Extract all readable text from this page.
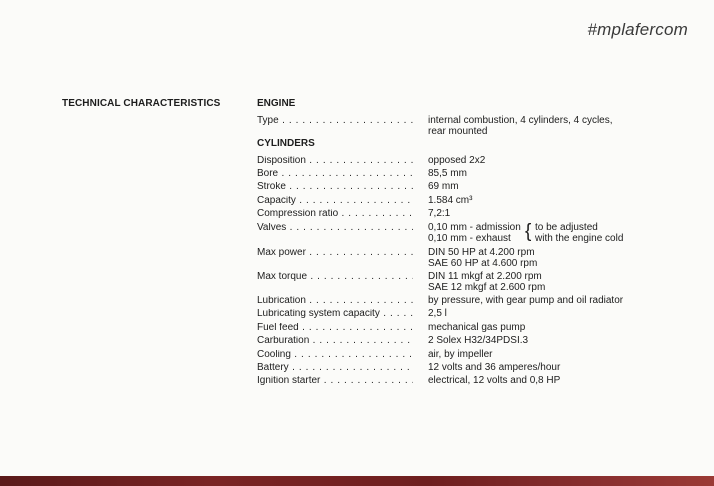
#mplafercom
TECHNICAL CHARACTERISTICS	ENGINE
Type . . .	internal combustion, 4 cylinders, 4 cycles,
rear mounted
CYLINDERS
Disposition . . .	opposed 2x2
Bore . . .	85,5 mm
Stroke . . .	69 mm
Capacity . . .	1.584 cm³
Compression ratio . . .	7,2:1
Valves . . .	0,10 mm - admission
0,10 mm - exhaust { to be adjusted
with the engine cold
Max power . . .	DIN 50 HP at 4.200 rpm
SAE 60 HP at 4.600 rpm
Max torque . . .	DIN 11 mkgf at 2.200 rpm
SAE 12 mkgf at 2.600 rpm
Lubrication . . .	by pressure, with gear pump and oil radiator
Lubricating system capacity . . .	2,5 l
Fuel feed . . .	mechanical gas pump
Carburation . . .	2 Solex H32/34PDSI.3
Cooling . . .	air, by impeller
Battery . . .	12 volts and 36 amperes/hour
Ignition starter . . .	electrical, 12 volts and 0,8 HP
